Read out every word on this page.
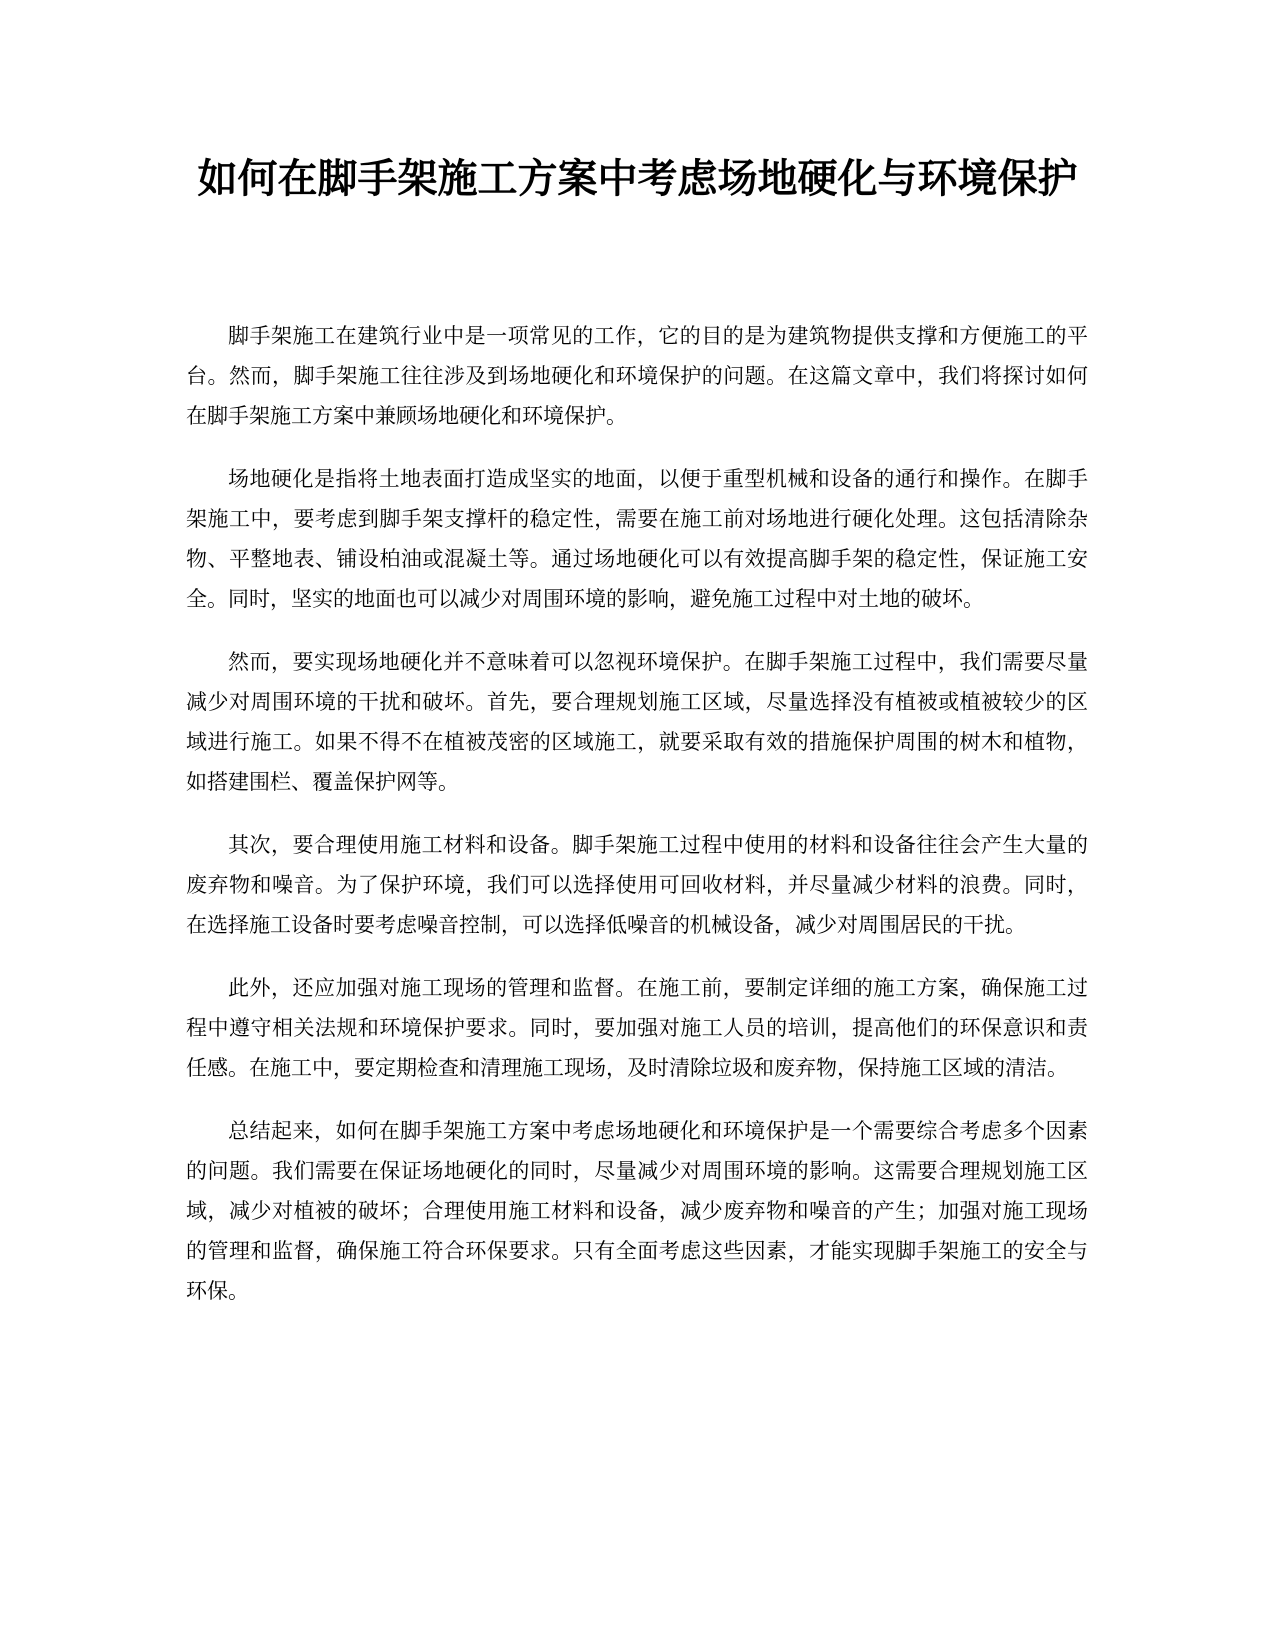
如何在脚手架施工方案中考虑场地硬化与环境保护

脚手架施工在建筑行业中是一项常见的工作，它的目的是为建筑物提供支撑和方便施工的平台。然而，脚手架施工往往涉及到场地硬化和环境保护的问题。在这篇文章中，我们将探讨如何在脚手架施工方案中兼顾场地硬化和环境保护。

场地硬化是指将土地表面打造成坚实的地面，以便于重型机械和设备的通行和操作。在脚手架施工中，要考虑到脚手架支撑杆的稳定性，需要在施工前对场地进行硬化处理。这包括清除杂物、平整地表、铺设柏油或混凝土等。通过场地硬化可以有效提高脚手架的稳定性，保证施工安全。同时，坚实的地面也可以减少对周围环境的影响，避免施工过程中对土地的破坏。

然而，要实现场地硬化并不意味着可以忽视环境保护。在脚手架施工过程中，我们需要尽量减少对周围环境的干扰和破坏。首先，要合理规划施工区域，尽量选择没有植被或植被较少的区域进行施工。如果不得不在植被茂密的区域施工，就要采取有效的措施保护周围的树木和植物，如搭建围栏、覆盖保护网等。

其次，要合理使用施工材料和设备。脚手架施工过程中使用的材料和设备往往会产生大量的废弃物和噪音。为了保护环境，我们可以选择使用可回收材料，并尽量减少材料的浪费。同时，在选择施工设备时要考虑噪音控制，可以选择低噪音的机械设备，减少对周围居民的干扰。

此外，还应加强对施工现场的管理和监督。在施工前，要制定详细的施工方案，确保施工过程中遵守相关法规和环境保护要求。同时，要加强对施工人员的培训，提高他们的环保意识和责任感。在施工中，要定期检查和清理施工现场，及时清除垃圾和废弃物，保持施工区域的清洁。

总结起来，如何在脚手架施工方案中考虑场地硬化和环境保护是一个需要综合考虑多个因素的问题。我们需要在保证场地硬化的同时，尽量减少对周围环境的影响。这需要合理规划施工区域，减少对植被的破坏；合理使用施工材料和设备，减少废弃物和噪音的产生；加强对施工现场的管理和监督，确保施工符合环保要求。只有全面考虑这些因素，才能实现脚手架施工的安全与环保。
